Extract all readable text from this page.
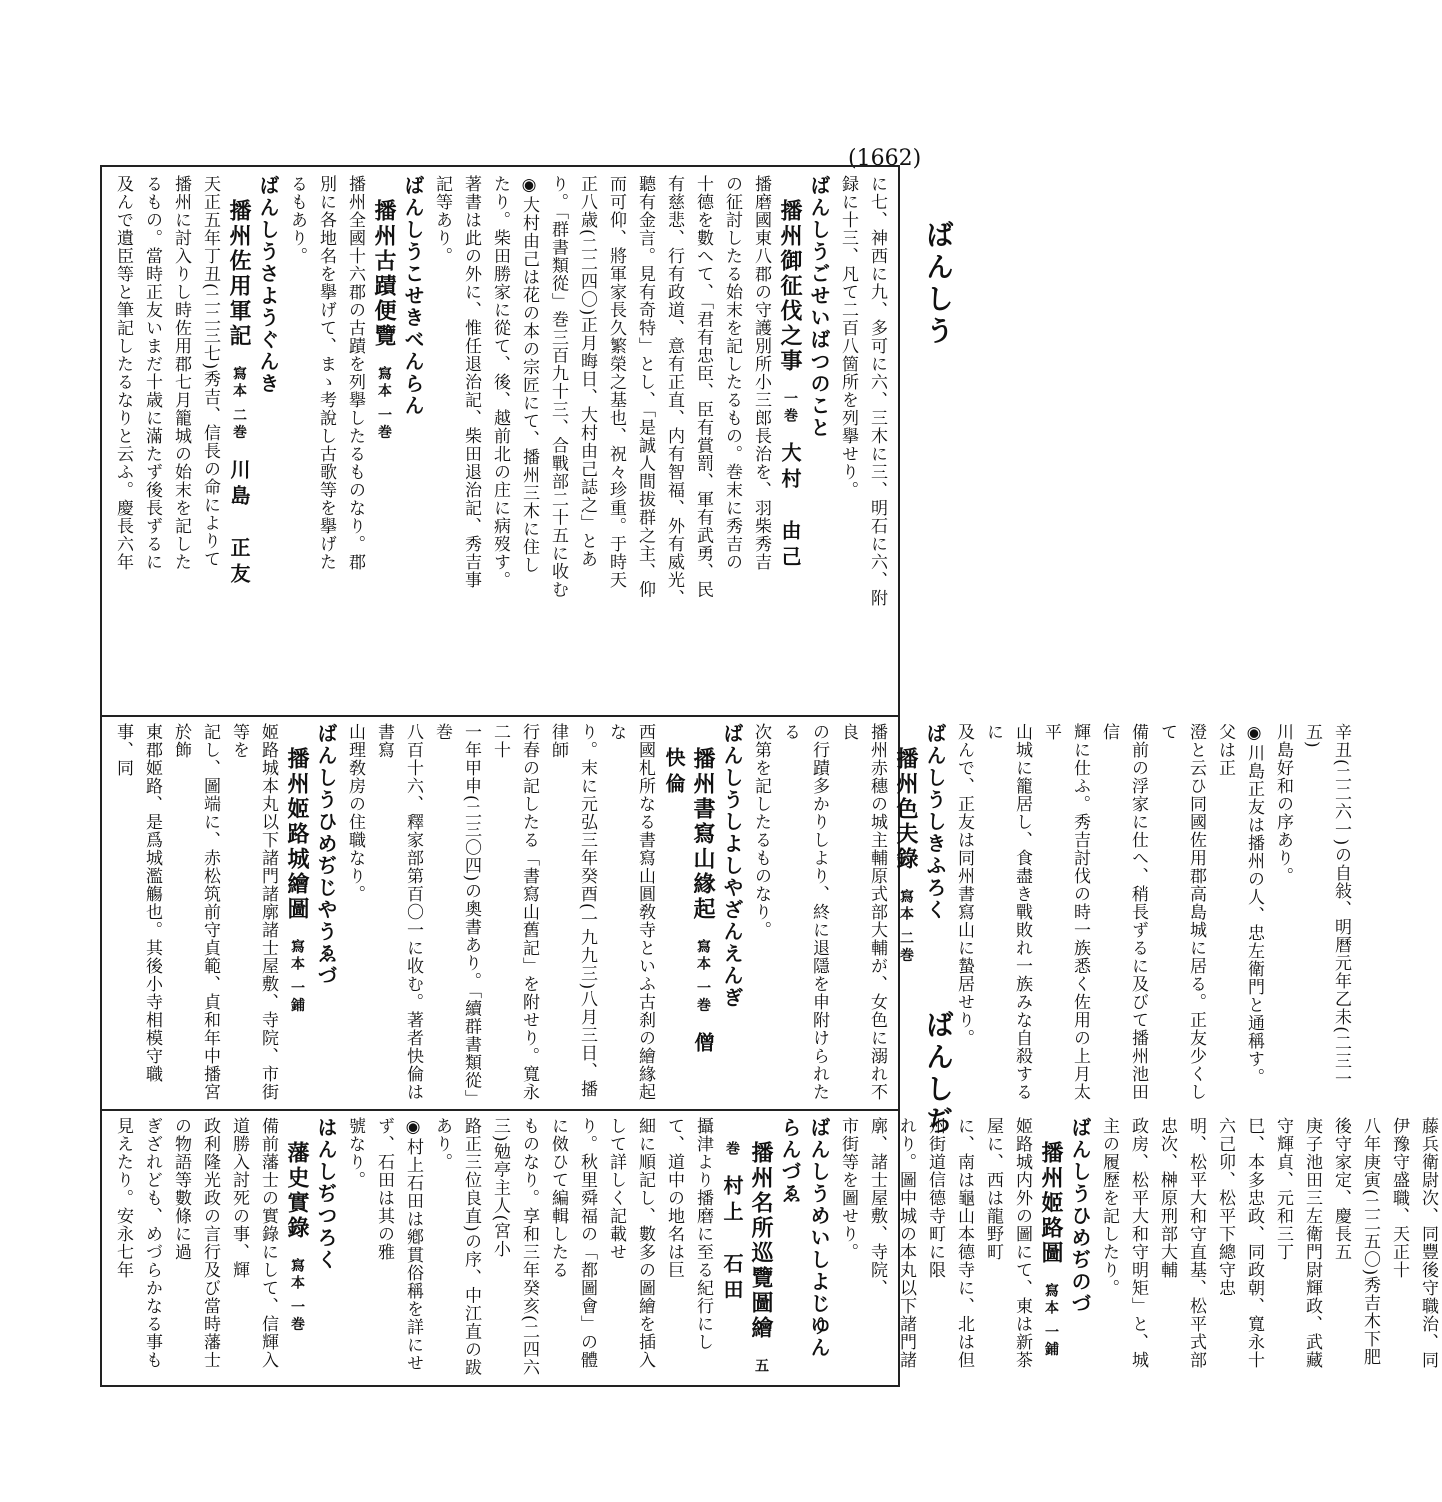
(1662)
ばんしう
ばんしぢ

に七、神西に九、多可に六、三木に三、明石に六、附

録に十三、凡て二百八箇所を列擧せり。

ばんしうごせいばつのこと

播州御征伐之事　一巻　大村　由己

播磨國東八郡の守護別所小三郎長治を、羽柴秀吉

の征討したる始末を記したるもの。巻末に秀吉の

十德を數へて、「君有忠臣、臣有賞罰、軍有武勇、民

有慈悲、行有政道、意有正直、内有智福、外有威光、

聽有金言。見有奇特」とし、「是誠人間拔群之主、仰

而可仰、將軍家長久繁榮之基也、祝々珍重。于時天

正八歳(二二四〇)正月晦日、大村由己誌之」とあ

り。「群書類從」巻三百九十三、合戰部二十五に收む

◉大村由己は花の本の宗匠にて、播州三木に住し

たり。柴田勝家に從て、後、越前北の庄に病歿す。

著書は此の外に、惟任退治記、柴田退治記、秀吉事

記等あり。

ばんしうこせきべんらん

播州古蹟便覽　寫本 一巻　

播州全國十六郡の古蹟を列擧したるものなり。郡

別に各地名を擧げて、まゝ考說し古歌等を擧げた

るもあり。

ばんしうさようぐんき

播州佐用軍記　寫本 二巻　川島　正友

天正五年丁丑(二二三七)秀吉、信長の命によりて

播州に討入りし時佐用郡七月籠城の始末を記した

るもの。當時正友いまだ十歳に滿たず後長ずるに

及んで遺臣等と筆記したるなりと云ふ。慶長六年

辛丑(二二六一)の自敍、明曆元年乙未(二三一五)

川島好和の序あり。

◉川島正友は播州の人、忠左衛門と通稱す。父は正

澄と云ひ同國佐用郡高島城に居る。正友少くして

備前の浮家に仕へ、稍長ずるに及びて播州池田信

輝に仕ふ。秀吉討伐の時一族悉く佐用の上月太平

山城に籠居し、食盡き戰敗れ一族みな自殺するに

及んで、正友は同州書寫山に蟄居せり。

ばんしうしきふろく

播州色夫錄　寫本 二巻　

播州赤穗の城主輔原式部大輔が、女色に溺れ不良

の行蹟多かりしより、終に退隱を申附けられたる

次第を記したるものなり。

ばんしうしよしやざんえんぎ

播州書寫山緣起　寫本 一巻　僧　快倫

西國札所なる書寫山圓敎寺といふ古刹の繪緣起な

り。末に元弘三年癸酉(一九九三)八月三日、播律師

行春の記したる「書寫山舊記」を附せり。寬永二十

一年甲申(二三〇四)の奧書あり。「續群書類從」巻

八百十六、釋家部第百〇一に收む。著者快倫は書寫

山理敎房の住職なり。

ばんしうひめぢじやうゑづ

播州姬路城繪圖　寫本 一鋪　

姬路城本丸以下諸門諸廓諸士屋敷、寺院、市街等を

記し、圖端に、赤松筑前守貞範、貞和年中播宮於飾

東郡姬路、是爲城濫觴也。其後小寺相模守職事、同

藤兵衛尉次、同豐後守職治、同伊豫守盛職、天正十

八年庚寅(二二五〇)秀吉木下肥後守家定、慶長五

庚子池田三左衛門尉輝政、武藏守輝貞、元和三丁

巳、本多忠政、同政朝、寬永十六己卯、松平下總守忠

明、松平大和守直基、松平式部忠次、榊原刑部大輔

政房、松平大和守明矩」と、城主の履歷を記したり。

ばんしうひめぢのづ

播州姬路圖　寫本 一鋪　

姬路城内外の圖にて、東は新茶屋に、西は龍野町

に、南は龜山本德寺に、北は但州街道信德寺町に限

れり。圖中城の本丸以下諸門諸廓、諸士屋敷、寺院、

市街等を圖せり。

ばんしうめいしよじゆんらんづゑ

播州名所巡覽圖繪　五巻　村上　石田

攝津より播磨に至る紀行にして、道中の地名は巨

細に順記し、數多の圖繪を插入して詳しく記載せ

り。秋里舜福の「都圖會」の體に傚ひて編輯したる

ものなり。享和三年癸亥(二四六三)勉亭主人(宮小

路正三位良直)の序、中江直の跋あり。

◉村上石田は鄕貫俗稱を詳にせず、石田は其の雅

號なり。

はんしぢつろく

藩史實錄　寫本 一巻　

備前藩士の實錄にして、信輝入道勝入討死の事、輝

政利隆光政の言行及び當時藩士の物語等數條に過

ぎざれども、めづらかなる事も見えたり。安永七年
